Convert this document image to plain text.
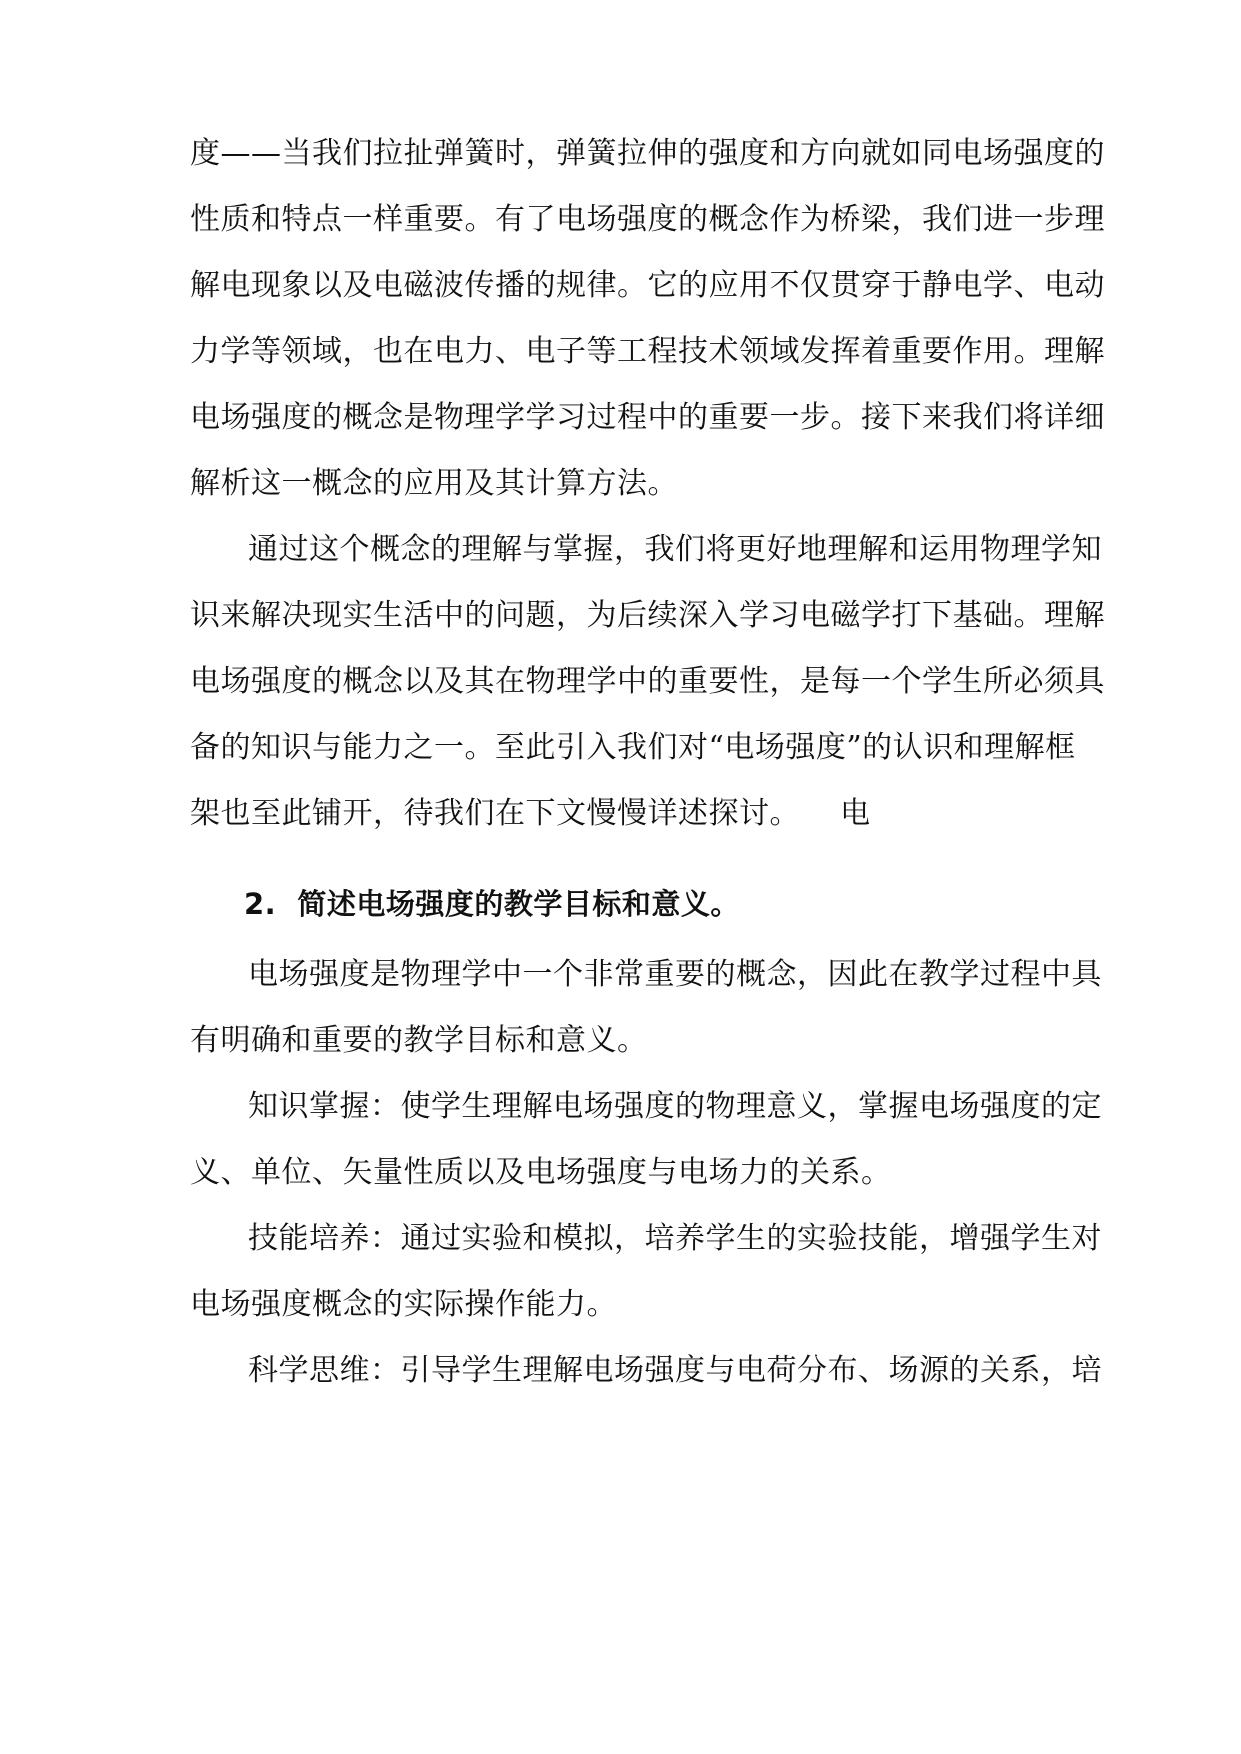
度——当我们拉扯弹簧时，弹簧拉伸的强度和方向就如同电场强度的
性质和特点一样重要。有了电场强度的概念作为桥梁，我们进一步理
解电现象以及电磁波传播的规律。它的应用不仅贯穿于静电学、电动
力学等领域，也在电力、电子等工程技术领域发挥着重要作用。理解
电场强度的概念是物理学学习过程中的重要一步。接下来我们将详细
解析这一概念的应用及其计算方法。
通过这个概念的理解与掌握，我们将更好地理解和运用物理学知
识来解决现实生活中的问题，为后续深入学习电磁学打下基础。理解
电场强度的概念以及其在物理学中的重要性，是每一个学生所必须具
备的知识与能力之一。至此引入我们对“电场强度”的认识和理解框
架也至此铺开，待我们在下文慢慢详述探讨。    电
2.  简述电场强度的教学目标和意义。
电场强度是物理学中一个非常重要的概念，因此在教学过程中具
有明确和重要的教学目标和意义。
知识掌握：使学生理解电场强度的物理意义，掌握电场强度的定
义、单位、矢量性质以及电场强度与电场力的关系。
技能培养：通过实验和模拟，培养学生的实验技能，增强学生对
电场强度概念的实际操作能力。
科学思维：引导学生理解电场强度与电荷分布、场源的关系，培
